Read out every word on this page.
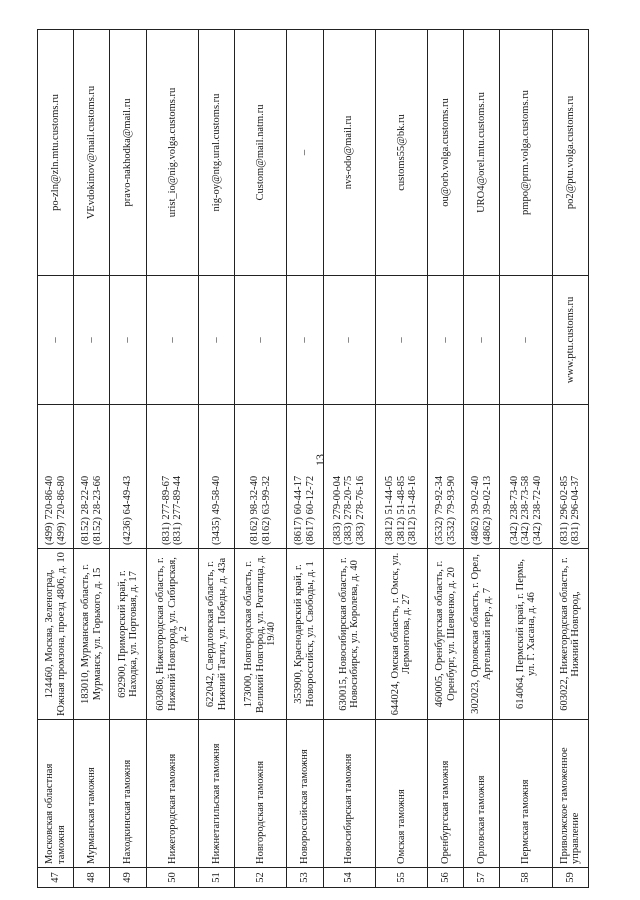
13
47	Московская областная таможня	124460, Москва, Зеленоград, Южная промзона, проезд 4806, д. 10	(499) 720-86-40
(499) 720-86-80	–	po-zln@zln.mtu.customs.ru
48	Мурманская таможня	183010, Мурманская область, г. Мурманск, ул. Горького, д. 15	(8152) 28-22-40
(8152) 28-23-66	–	VEvdokimov@mail.customs.ru
49	Находкинская таможня	692900, Приморский край, г. Находка, ул. Портовая, д. 17	(4236) 64-49-43	–	pravo-nakhodka@mail.ru
50	Нижегородская таможня	603086, Нижегородская область, г. Нижний Новгород, ул. Сибирская, д. 2	(831) 277-89-67
(831) 277-89-44	–	urist_io@nig.volga.customs.ru
51	Нижнетагильская таможня	622042, Свердловская область, г. Нижний Тагил, ул. Победы, д. 43а	(3435) 49-58-40	–	nig-oy@ntg.ural.customs.ru
52	Новгородская таможня	173000, Новгородская область, г. Великий Новгород, ул. Рогатица, д. 19/40	(8162) 98-32-40
(8162) 63-99-32	–	Custom@mail.natm.ru
53	Новороссийская таможня	353900, Краснодарский край, г. Новороссийск, ул. Свободы, д. 1	(8617) 60-44-17
(8617) 60-12-72	–	–
54	Новосибирская таможня	630015, Новосибирская область, г. Новосибирск, ул. Королева, д. 40	(383) 279-00-04
(383) 278-20-75
(383) 278-76-16	–	nvs-odo@mail.ru
55	Омская таможня	644024, Омская область, г. Омск, ул. Лермонтова, д. 27	(3812) 51-44-05
(3812) 51-48-85
(3812) 51-48-16	–	customs55@bk.ru
56	Оренбургская таможня	460005, Оренбургская область, г. Оренбург, ул. Шевченко, д. 20	(3532) 79-92-34
(3532) 79-93-90	–	ou@orb.volga.customs.ru
57	Орловская таможня	302023, Орловская область, г. Орел, Артельный пер., д. 7	(4862) 39-02-40
(4862) 39-02-13	–	URO4@orel.mtu.customs.ru
58	Пермская таможня	614064, Пермский край, г. Пермь, ул. Г. Хасана, д. 46	(342) 238-73-40
(342) 238-73-58
(342) 238-72-40	–	pmpo@prm.volga.customs.ru
59	Приволжское таможенное управление	603022, Нижегородская область, г. Нижний Новгород,	(831) 296-02-85
(831) 296-04-37	www.ptu.customs.ru	po2@ptu.volga.customs.ru
